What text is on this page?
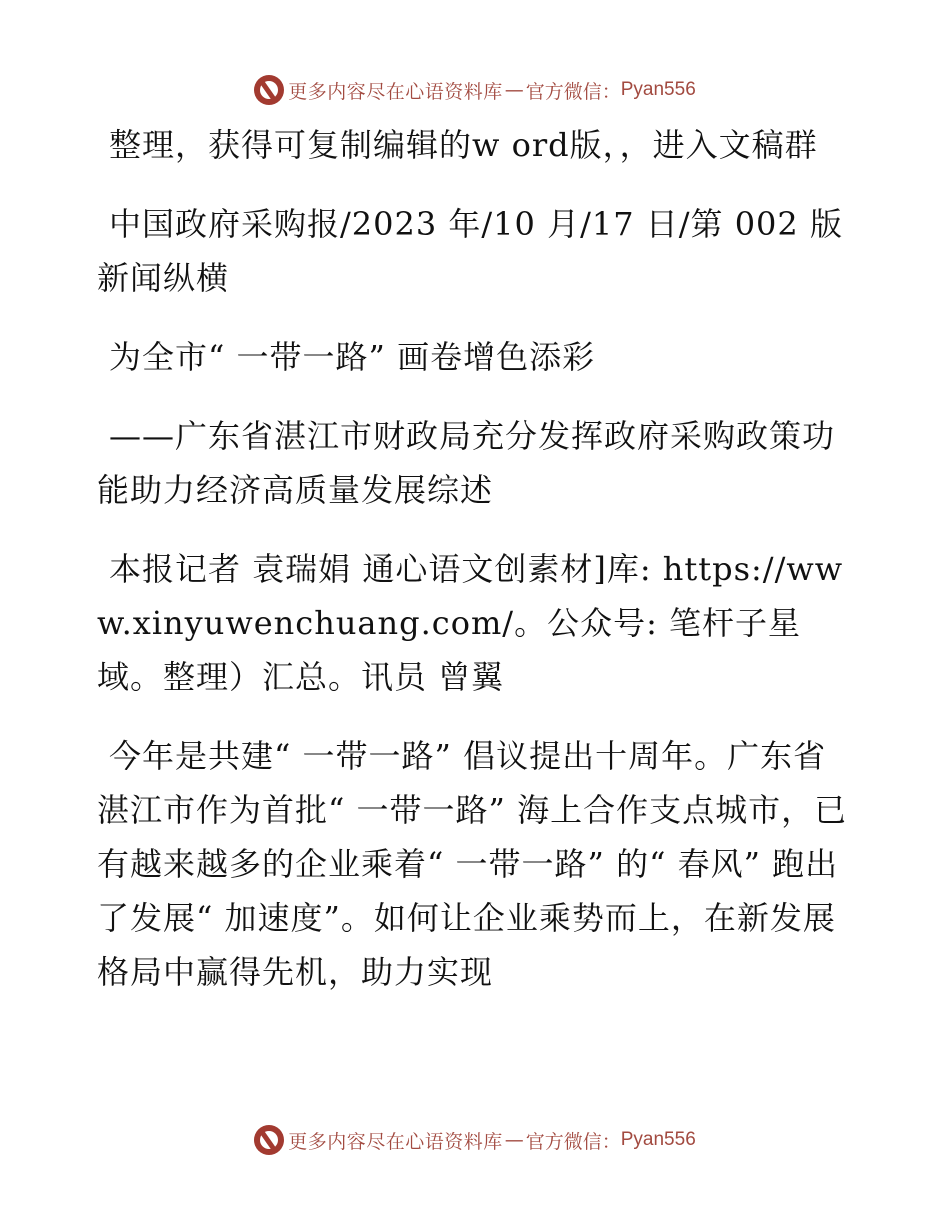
更多内容尽在心语资料库 — 官方微信： Pyan556

整理，获得可复制编辑的w ord版，，进入文稿群

中国政府采购报/2023 年/10 月/17 日/第 002 版新闻纵横

为全市“ 一带一路” 画卷增色添彩

——广东省湛江市财政局充分发挥政府采购政策功能助力经济高质量发展综述

本报记者 袁瑞娟 通心语文创素材]库: https://www.xinyuwenchuang.com/。公众号: 笔杆子星域。整理）汇总。讯员 曾翼

今年是共建“ 一带一路” 倡议提出十周年。广东省湛江市作为首批“ 一带一路” 海上合作支点城市，已有越来越多的企业乘着“ 一带一路” 的“ 春风” 跑出了发展“ 加速度”。如何让企业乘势而上，在新发展格局中赢得先机，助力实现

更多内容尽在心语资料库 — 官方微信： Pyan556
